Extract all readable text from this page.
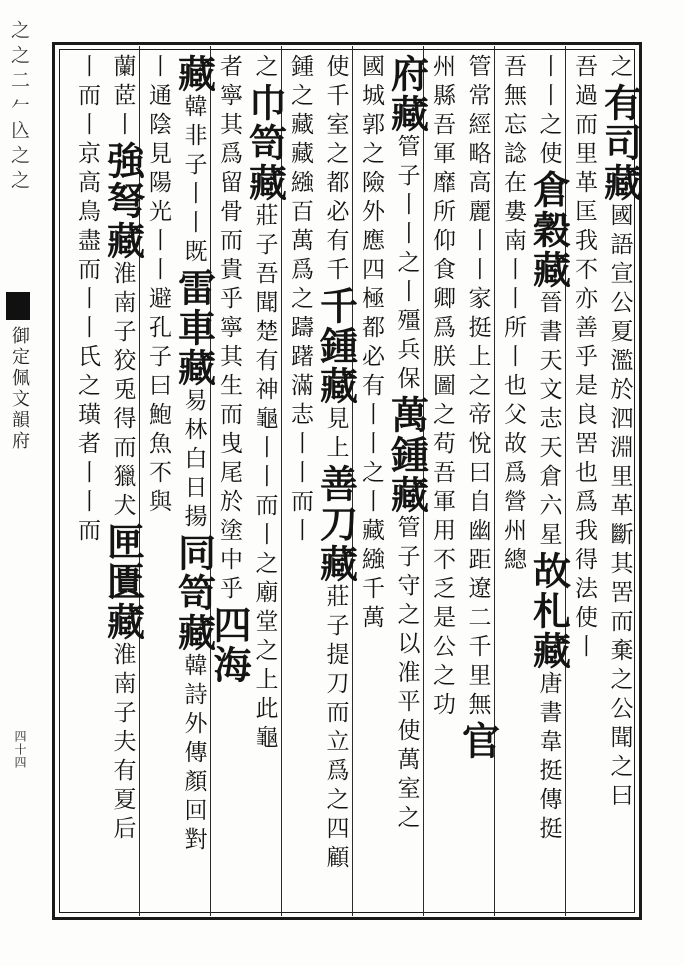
之之二𠂉兦之之
御定佩文韻府
四十四
之有司藏國語宣公夏濫於泗淵里革斷其罟而棄之公聞之曰
吾過而里革匡我不亦善乎是良罟也爲我得法使丨
丨丨之使倉穀藏晉書天文志天倉六星故札藏唐書韋挺傳挺
吾無忘諗在婁南丨丨所丨也父故爲營州總
管常經略高麗丨丨家挺上之帝悅曰自幽距遼二千里無官
州縣吾軍靡所仰食卿爲朕圖之苟吾軍用不乏是公之功
府藏管子丨丨之丨殭兵保萬鍾藏管子守之以准平使萬室之
國城郭之險外應四極都必有丨丨之丨藏繈千萬
使千室之都必有千千鍾藏見上善刀藏莊子提刀而立爲之四顧
鍾之藏藏繈百萬爲之躊躇滿志丨丨而丨
之巾笥藏莊子吾聞楚有神龜丨丨而丨之廟堂之上此龜
者寧其爲留骨而貴乎寧其生而曳尾於塗中乎四海
藏韓非子丨丨既雷車藏易林白日揚同笥藏韓詩外傳顏回對
丨通陰見陽光丨丨避孔子曰鮑魚不與
蘭茝丨強弩藏淮南子狡兎得而獵犬匣匱藏淮南子夫有夏后
丨而丨京高鳥盡而丨丨氏之璜者丨丨而
